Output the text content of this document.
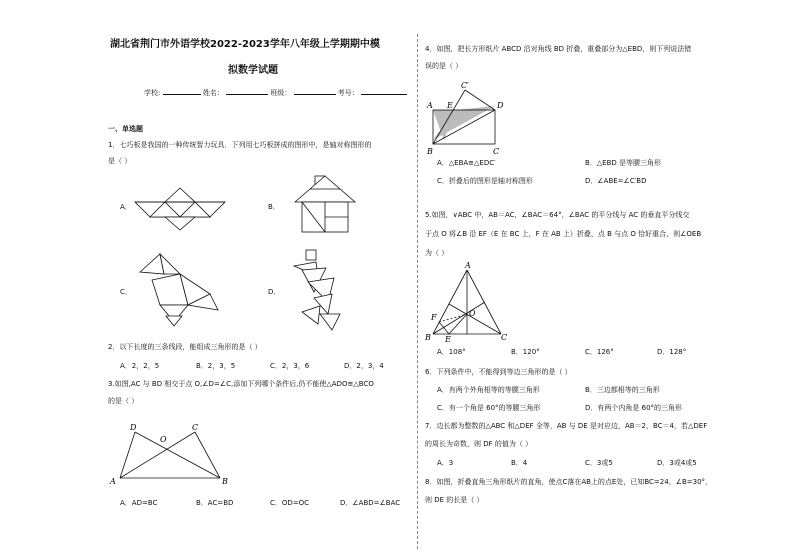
湖北省荆门市外语学校2022-2023学年八年级上学期期中模
拟数学试题
学校:	姓名：	班级：	考号：
一、单选题
1．七巧板是我国的一种传统智力玩具．下列用七巧板拼成的图形中，是轴对称图形的
是（ ）
A．	B．
C．	D．
2．以下长度的三条线段，能组成三角形的是（ ）
A．2，2，5	B．2，3，5	C．2，3，6	D．2，3，4
3.如图,AC 与 BD 相交于点 O,∠D=∠C,添加下列哪个条件后,仍不能使△ADO≌△BCO
的是（ ）
A．AD=BC	B．AC=BD	C．OD=OC	D．∠ABD=∠BAC
D	C
O
A	B
4．如图，把长方形纸片 ABCD 沿对角线 BD 折叠，重叠部分为△EBD，则下列说法错
误的是（ ）
A．△EBA≌△EDC′	B．△EBD 是等腰三角形
C．折叠后的图形是轴对称图形	D．∠ABE=∠C′BD
5.如图，∨ABC 中，AB＝AC，∠BAC＝64°，∠BAC 的平分线与 AC 的垂直平分线交
于点 O 将∠B 沿 EF（E 在 BC 上，F 在 AB 上）折叠，点 B 与点 O 恰好重合，则∠OEB
为（ ）
A．108°	B．120°	C．126°	D．128°
6．下列条件中，不能得到等边三角形的是（ ）
A．有两个外角相等的等腰三角形	B．三边都相等的三角形
C．有一个角是 60°的等腰三角形	D．有两个内角是 60°的三角形
7．边长都为整数的△ABC 和△DEF 全等，AB 与 DE 是对应边，AB＝2，BC＝4，若△DEF
的周长为奇数，则 DF 的值为（ ）
A．3	B．4	C．3或5	D．3或4或5
8．如图，折叠直角三角形纸片的直角，使点C落在AB上的点E处，已知BC=24，∠B=30°，
则 DE 的长是（ ）
C′
A E	D
B	C
A
F	O
B E	C
